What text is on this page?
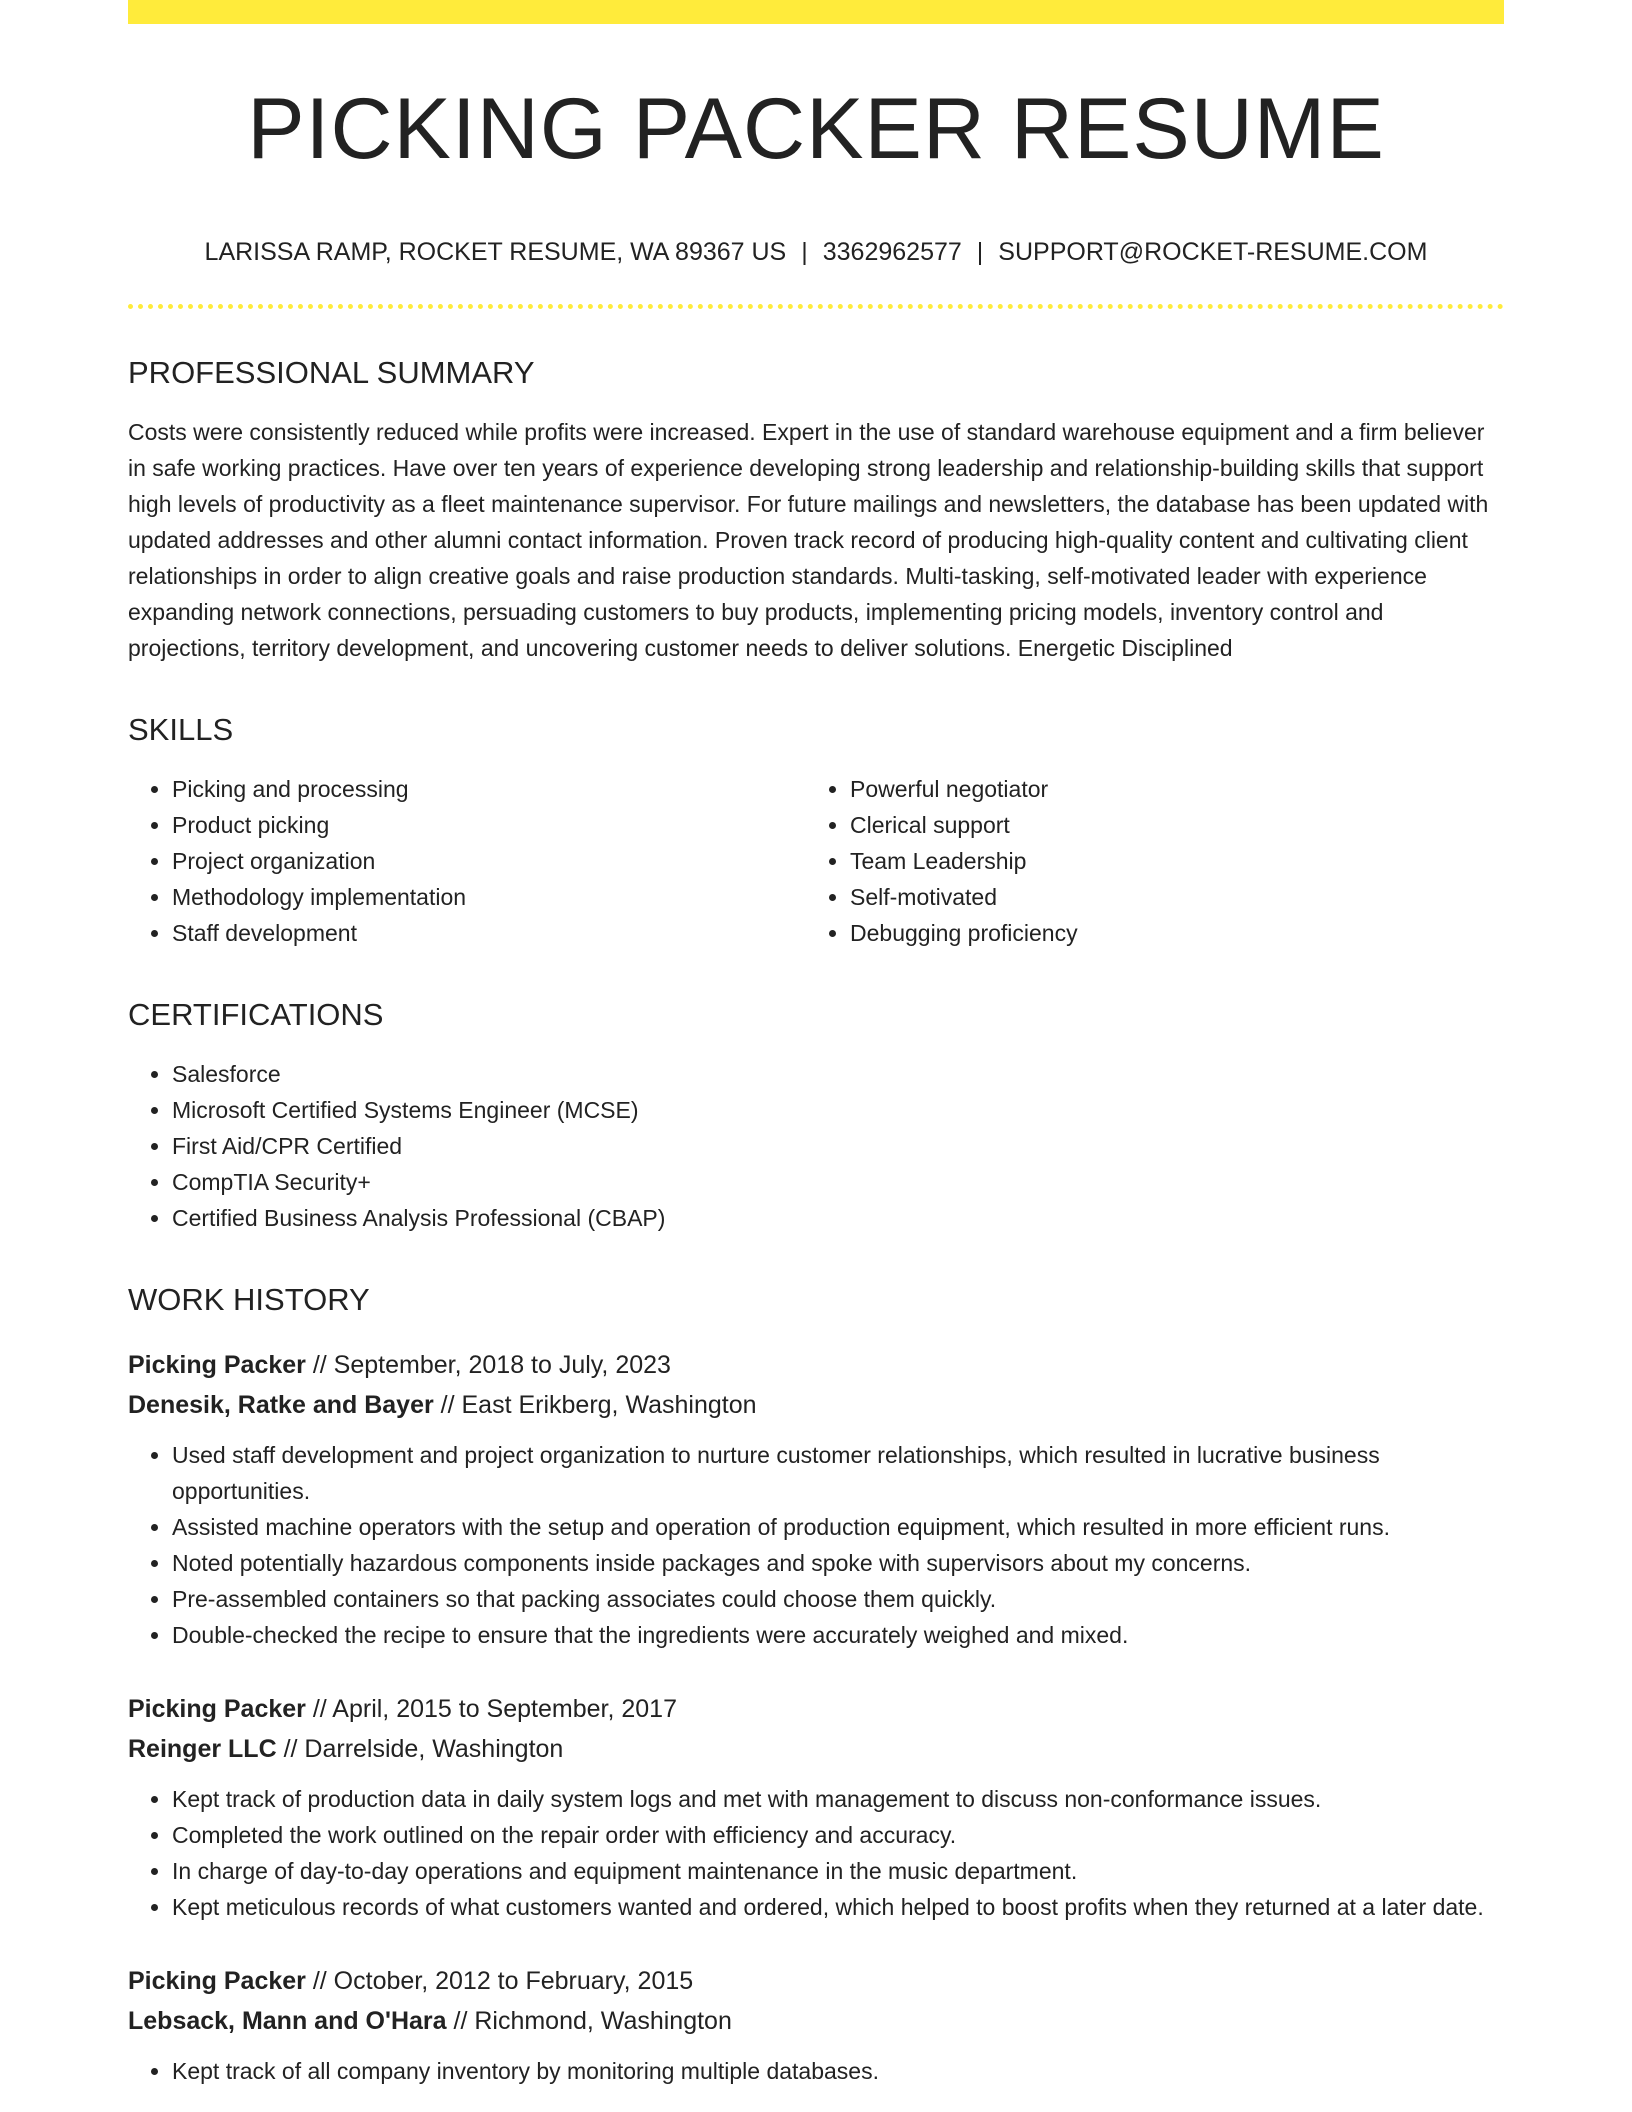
PICKING PACKER RESUME
LARISSA RAMP, ROCKET RESUME, WA 89367 US | 3362962577 | SUPPORT@ROCKET-RESUME.COM
PROFESSIONAL SUMMARY
Costs were consistently reduced while profits were increased. Expert in the use of standard warehouse equipment and a firm believer in safe working practices. Have over ten years of experience developing strong leadership and relationship-building skills that support high levels of productivity as a fleet maintenance supervisor. For future mailings and newsletters, the database has been updated with updated addresses and other alumni contact information. Proven track record of producing high-quality content and cultivating client relationships in order to align creative goals and raise production standards. Multi-tasking, self-motivated leader with experience expanding network connections, persuading customers to buy products, implementing pricing models, inventory control and projections, territory development, and uncovering customer needs to deliver solutions. Energetic Disciplined
SKILLS
• Picking and processing
• Product picking
• Project organization
• Methodology implementation
• Staff development
• Powerful negotiator
• Clerical support
• Team Leadership
• Self-motivated
• Debugging proficiency
CERTIFICATIONS
• Salesforce
• Microsoft Certified Systems Engineer (MCSE)
• First Aid/CPR Certified
• CompTIA Security+
• Certified Business Analysis Professional (CBAP)
WORK HISTORY
Picking Packer // September, 2018 to July, 2023
Denesik, Ratke and Bayer // East Erikberg, Washington
• Used staff development and project organization to nurture customer relationships, which resulted in lucrative business opportunities.
• Assisted machine operators with the setup and operation of production equipment, which resulted in more efficient runs.
• Noted potentially hazardous components inside packages and spoke with supervisors about my concerns.
• Pre-assembled containers so that packing associates could choose them quickly.
• Double-checked the recipe to ensure that the ingredients were accurately weighed and mixed.
Picking Packer // April, 2015 to September, 2017
Reinger LLC // Darrelside, Washington
• Kept track of production data in daily system logs and met with management to discuss non-conformance issues.
• Completed the work outlined on the repair order with efficiency and accuracy.
• In charge of day-to-day operations and equipment maintenance in the music department.
• Kept meticulous records of what customers wanted and ordered, which helped to boost profits when they returned at a later date.
Picking Packer // October, 2012 to February, 2015
Lebsack, Mann and O'Hara // Richmond, Washington
• Kept track of all company inventory by monitoring multiple databases.
